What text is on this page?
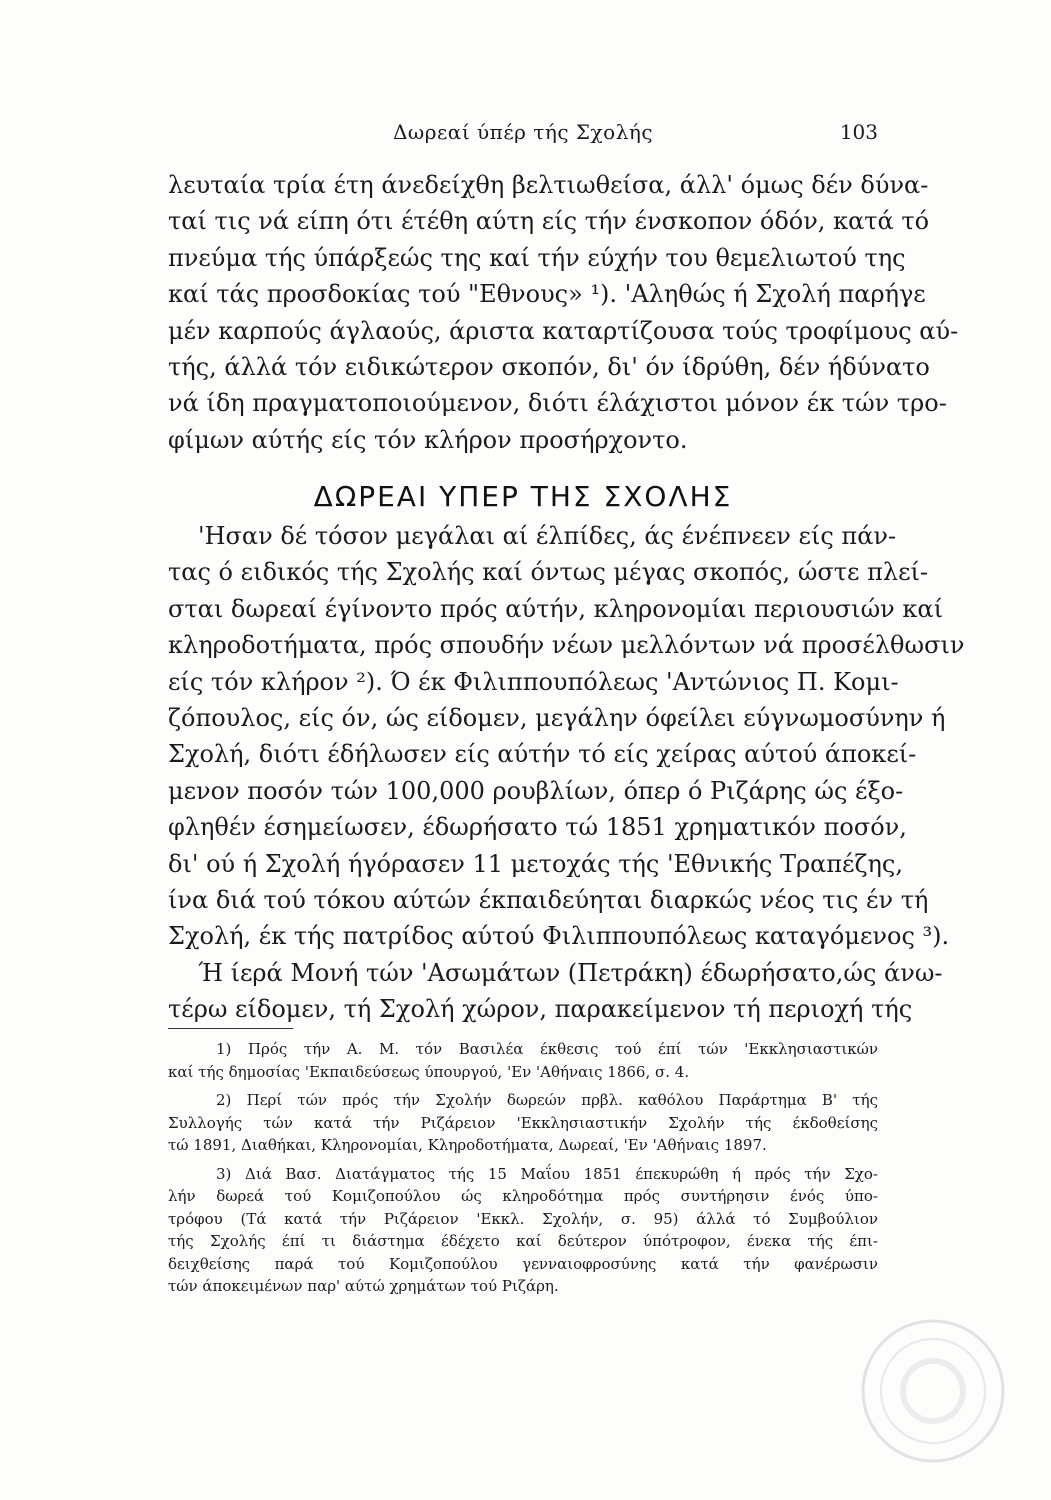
Δωρεαί ύπέρ τής Σχολής	103
λευταία τρία έτη άνεδείχθη βελτιωθείσα, άλλ' όμως δέν δύνα-
ταί τις νά είπη ότι έτέθη αύτη είς τήν ένσκοπον όδόν, κατά τό
πνεύμα τής ύπάρξεώς της καί τήν εύχήν του θεμελιωτού της
καί τάς προσδοκίας τού "Εθνους» ¹). 'Αληθώς ή Σχολή παρήγε
μέν καρπούς άγλαούς, άριστα καταρτίζουσα τούς τροφίμους αύ-
τής, άλλά τόν ειδικώτερον σκοπόν, δι' όν ίδρύθη, δέν ήδύνατο
νά ίδη πραγματοποιούμενον, διότι έλάχιστοι μόνον έκ τών τρο-
φίμων αύτής είς τόν κλήρον προσήρχοντο.
ΔΩΡΕΑΙ ΥΠΕΡ ΤΗΣ ΣΧΟΛΗΣ
'Ησαν δέ τόσον μεγάλαι αί έλπίδες, άς ένέπνεεν είς πάν-
τας ό ειδικός τής Σχολής καί όντως μέγας σκοπός, ώστε πλεί-
σται δωρεαί έγίνοντο πρός αύτήν, κληρονομίαι περιουσιών καί
κληροδοτήματα, πρός σπουδήν νέων μελλόντων νά προσέλθωσιν
είς τόν κλήρον ²). Ό έκ Φιλιππουπόλεως 'Αντώνιος Π. Κομι-
ζόπουλος, είς όν, ώς είδομεν, μεγάλην όφείλει εύγνωμοσύνην ή
Σχολή, διότι έδήλωσεν είς αύτήν τό είς χείρας αύτού άποκεί-
μενον ποσόν τών 100,000 ρουβλίων, όπερ ό Ριζάρης ώς έξο-
φληθέν έσημείωσεν, έδωρήσατο τώ 1851 χρηματικόν ποσόν,
δι' ού ή Σχολή ήγόρασεν 11 μετοχάς τής 'Εθνικής Τραπέζης,
ίνα διά τού τόκου αύτών έκπαιδεύηται διαρκώς νέος τις έν τή
Σχολή, έκ τής πατρίδος αύτού Φιλιππουπόλεως καταγόμενος ³).
Ή ίερά Μονή τών 'Ασωμάτων (Πετράκη) έδωρήσατο,ώς άνω-
τέρω είδομεν, τή Σχολή χώρον, παρακείμενον τή περιοχή τής
1) Πρός τήν Α. Μ. τόν Βασιλέα έκθεσις τού έπί τών 'Εκκλησιαστικών
καί τής δημοσίας 'Εκπαιδεύσεως ύπουργού, 'Εν 'Αθήναις 1866, σ. 4.
2) Περί τών πρός τήν Σχολήν δωρεών πρβλ. καθόλου Παράρτημα Β' τής
Συλλογής τών κατά τήν Ριζάρειον 'Εκκλησιαστικήν Σχολήν τής έκδοθείσης
τώ 1891, Διαθήκαι, Κληρονομίαι, Κληροδοτήματα, Δωρεαί, 'Εν 'Αθήναις 1897.
3) Διά Βασ. Διατάγματος τής 15 Μαΐου 1851 έπεκυρώθη ή πρός τήν Σχο-
λήν δωρεά τού Κομιζοπούλου ώς κληροδότημα πρός συντήρησιν ένός ύπο-
τρόφου (Τά κατά τήν Ριζάρειον 'Εκκλ. Σχολήν, σ. 95) άλλά τό Συμβούλιον
τής Σχολής έπί τι διάστημα έδέχετο καί δεύτερον ύπότροφον, ένεκα τής έπι-
δειχθείσης παρά τού Κομιζοπούλου γενναιοφροσύνης κατά τήν φανέρωσιν
τών άποκειμένων παρ' αύτώ χρημάτων τού Ριζάρη.
